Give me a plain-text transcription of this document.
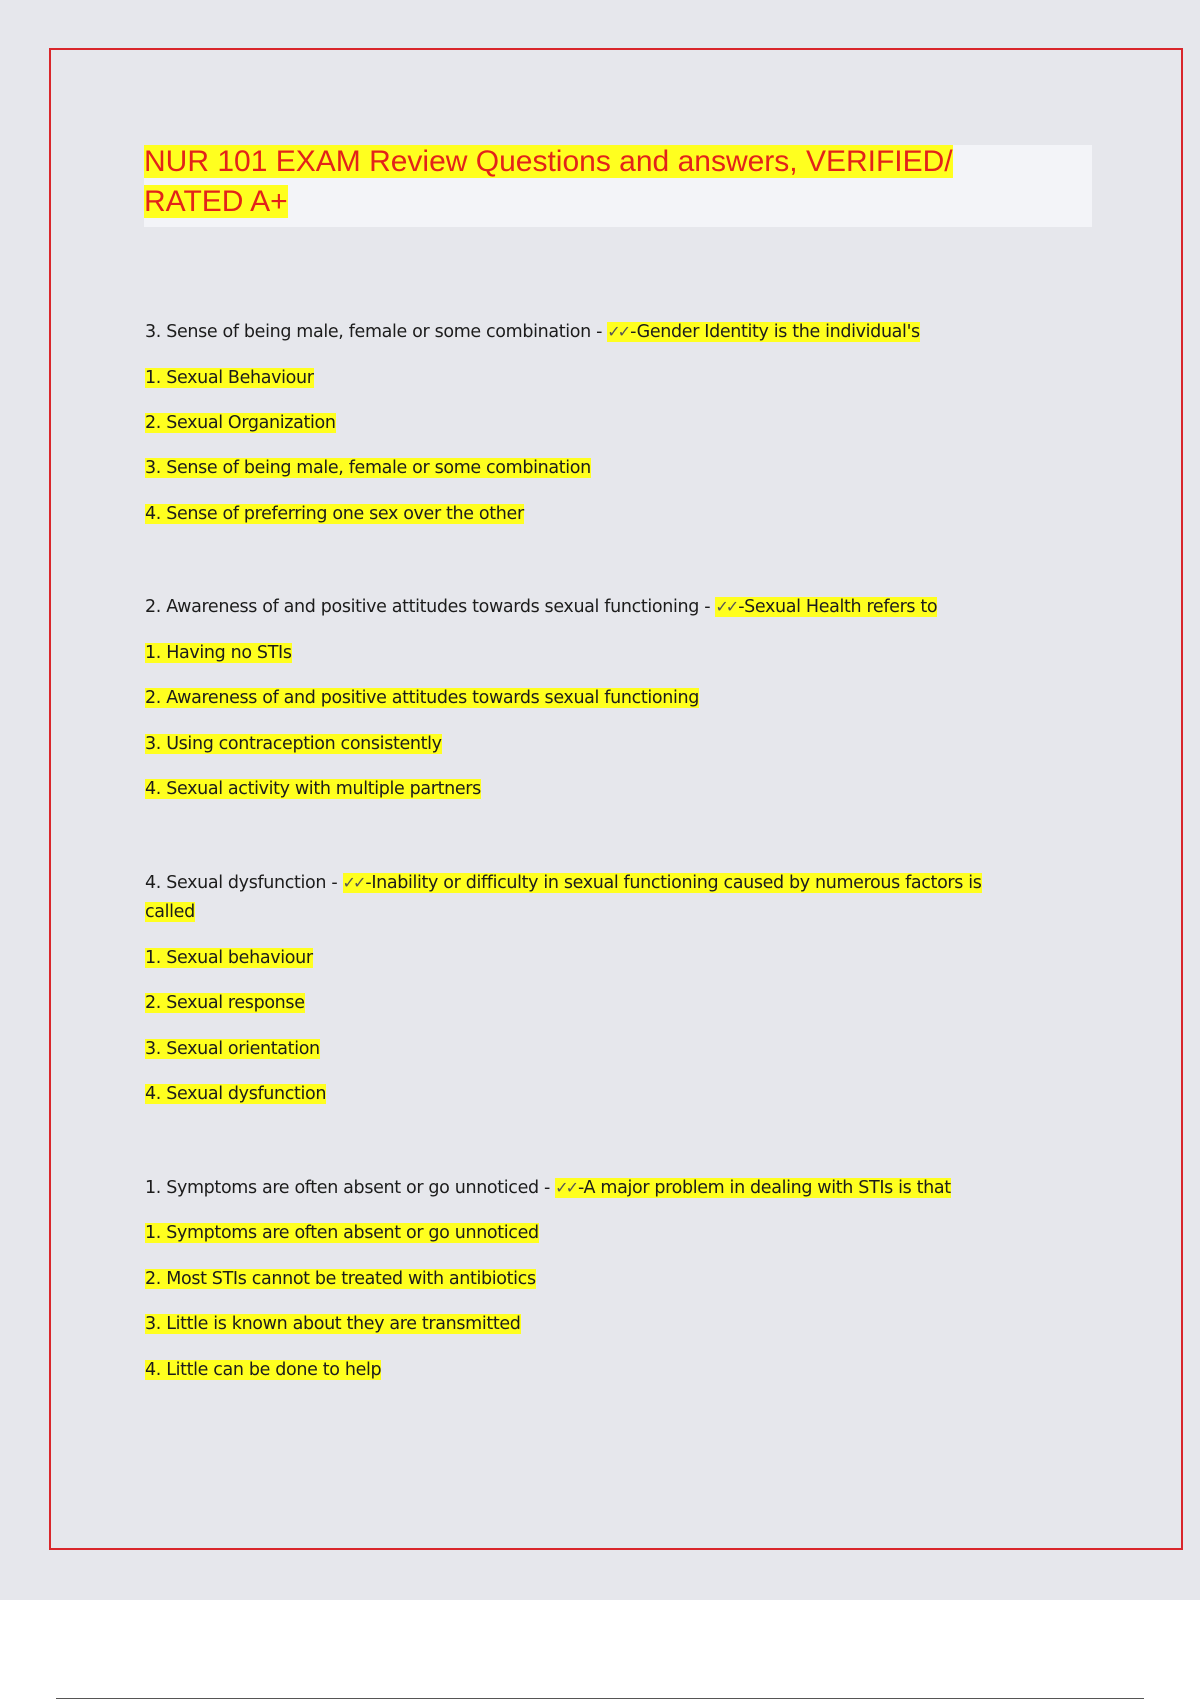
NUR 101 EXAM Review Questions and answers, VERIFIED/ RATED A+

3. Sense of being male, female or some combination - ✓✓ -Gender Identity is the individual's

1. Sexual Behaviour

2. Sexual Organization

3. Sense of being male, female or some combination

4. Sense of preferring one sex over the other

2. Awareness of and positive attitudes towards sexual functioning - ✓✓ -Sexual Health refers to

1. Having no STIs

2. Awareness of and positive attitudes towards sexual functioning

3. Using contraception consistently

4. Sexual activity with multiple partners

4. Sexual dysfunction - ✓✓ -Inability or difficulty in sexual functioning caused by numerous factors is

called

1. Sexual behaviour

2. Sexual response

3. Sexual orientation

4. Sexual dysfunction

1. Symptoms are often absent or go unnoticed - ✓✓ -A major problem in dealing with STIs is that

1. Symptoms are often absent or go unnoticed

2. Most STIs cannot be treated with antibiotics

3. Little is known about they are transmitted

4. Little can be done to help
